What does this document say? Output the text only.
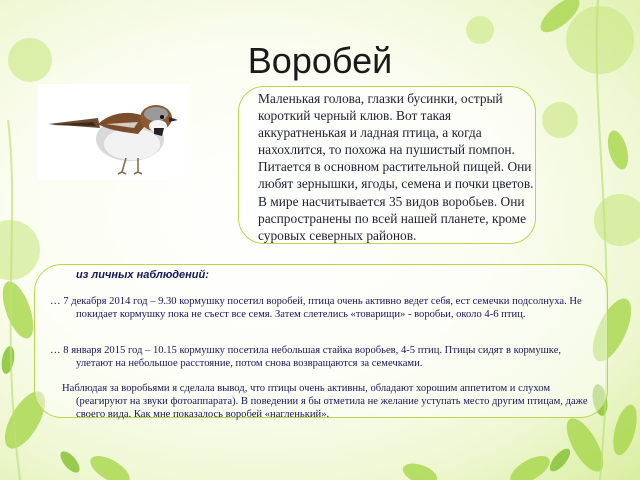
Воробей
Маленькая голова, глазки бусинки, острый короткий черный клюв. Вот такая аккуратненькая и ладная птица, а когда нахохлится, то похожа на пушистый помпон. Питается в основном растительной пищей. Они любят зернышки, ягоды, семена и почки цветов. В мире насчитывается 35 видов воробьев. Они распространены по всей нашей планете, кроме суровых северных районов.
из личных наблюдений:
… 7 декабря 2014 год – 9.30 кормушку посетил воробей, птица очень активно ведет себя, ест семечки подсолнуха. Не покидает кормушку пока не съест все семя. Затем слетелись «товарищи» - воробьи, около 4-6 птиц.
… 8 января 2015 год – 10.15 кормушку посетила небольшая стайка воробьев, 4-5 птиц. Птицы сидят в кормушке, улетают на небольшое расстояние, потом снова возвращаются за семечками.
Наблюдая за воробьями я сделала вывод, что птицы очень активны, обладают хорошим аппетитом и слухом (реагируют на звуки фотоаппарата). В поведении я бы отметила не желание уступать место другим птицам, даже своего вида. Как мне показалось воробей «нагленький».
